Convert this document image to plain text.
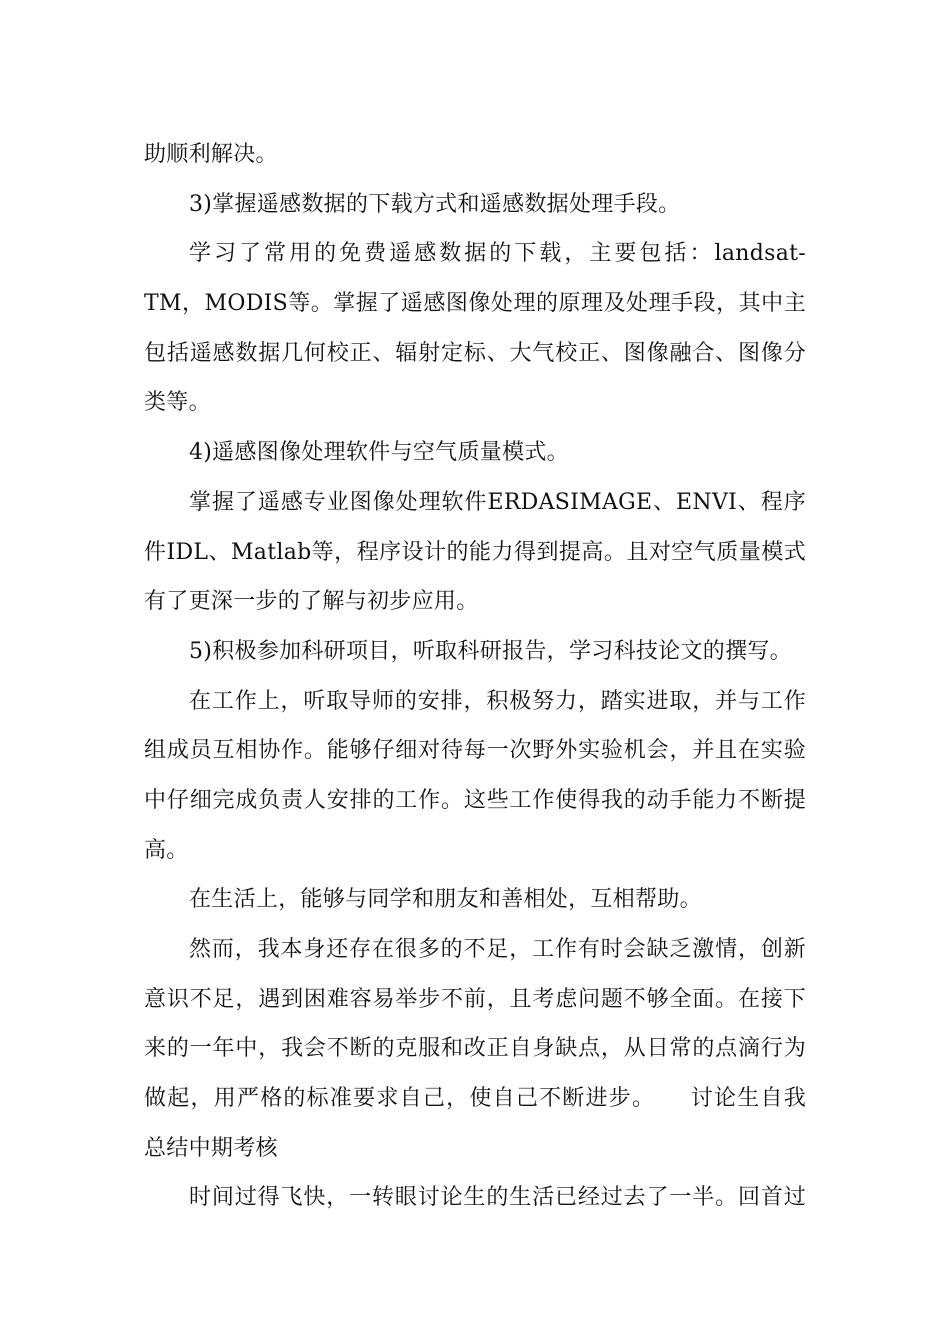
助顺利解决。
3)掌握遥感数据的下载方式和遥感数据处理手段。
学习了常用的免费遥感数据的下载，主要包括：landsat-
TM，MODIS等。掌握了遥感图像处理的原理及处理手段，其中主
包括遥感数据几何校正、辐射定标、大气校正、图像融合、图像分
类等。
4)遥感图像处理软件与空气质量模式。
掌握了遥感专业图像处理软件ERDASIMAGE、ENVI、程序
件IDL、Matlab等，程序设计的能力得到提高。且对空气质量模式
有了更深一步的了解与初步应用。
5)积极参加科研项目，听取科研报告，学习科技论文的撰写。
在工作上，听取导师的安排，积极努力，踏实进取，并与工作
组成员互相协作。能够仔细对待每一次野外实验机会，并且在实验
中仔细完成负责人安排的工作。这些工作使得我的动手能力不断提
高。
在生活上，能够与同学和朋友和善相处，互相帮助。
然而，我本身还存在很多的不足，工作有时会缺乏激情，创新
意识不足，遇到困难容易举步不前，且考虑问题不够全面。在接下
来的一年中，我会不断的克服和改正自身缺点，从日常的点滴行为
做起，用严格的标准要求自己，使自己不断进步。　　讨论生自我
总结中期考核
时间过得飞快，一转眼讨论生的生活已经过去了一半。回首过
